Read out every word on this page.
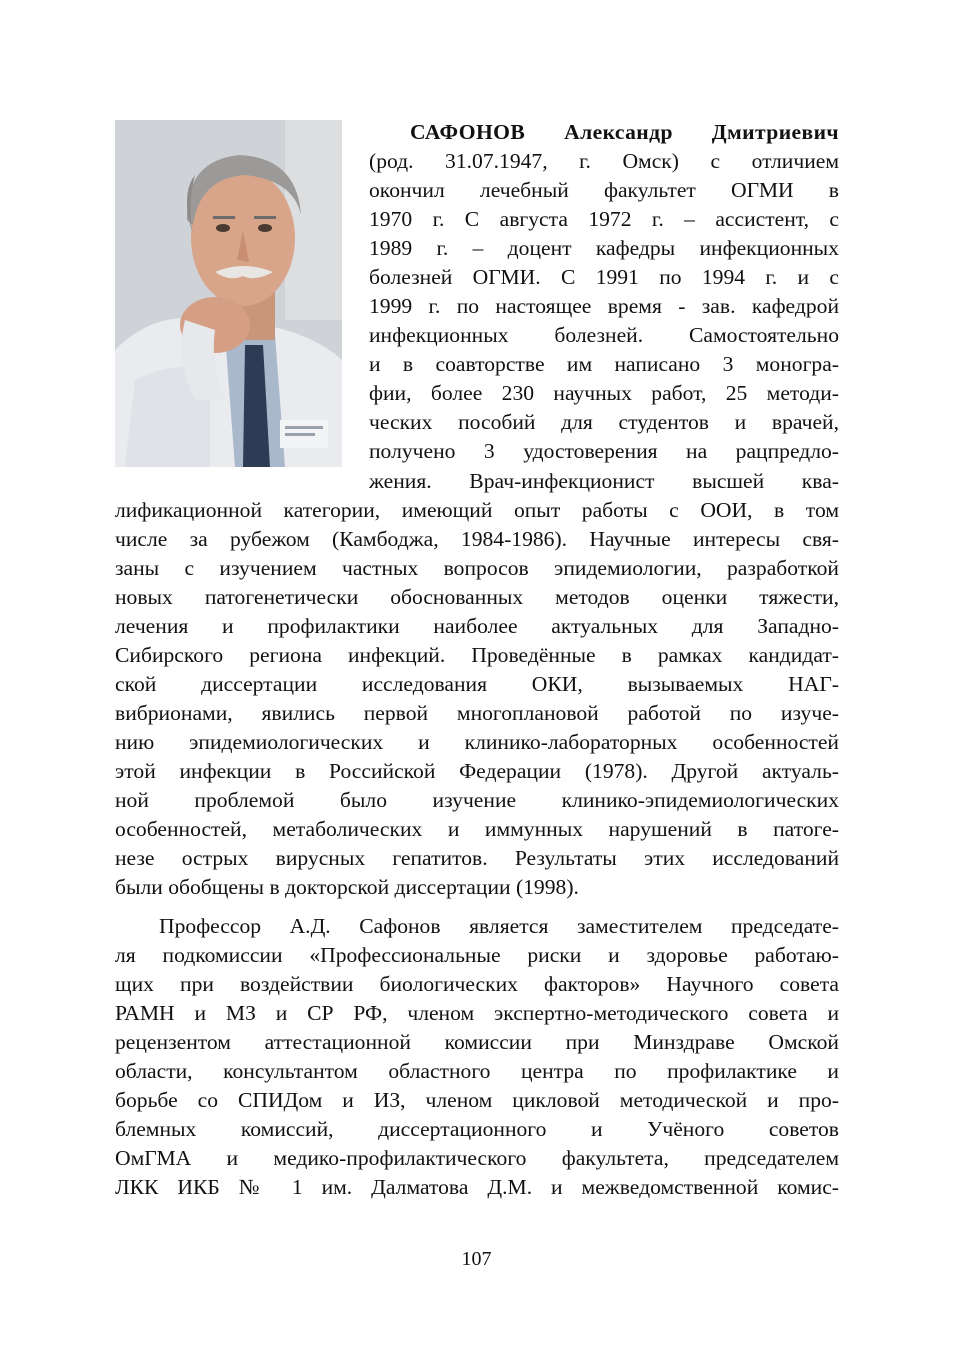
САФОНОВ Александр Дмитриевич
(род. 31.07.1947, г. Омск) с отличием
окончил лечебный факультет ОГМИ в
1970 г. С августа 1972 г. – ассистент, с
1989 г. – доцент кафедры инфекционных
болезней ОГМИ. С 1991 по 1994 г. и с
1999 г. по настоящее время - зав. кафедрой
инфекционных болезней. Самостоятельно
и в соавторстве им написано 3 моногра-
фии, более 230 научных работ, 25 методи-
ческих пособий для студентов и врачей,
получено 3 удостоверения на рацпредло-
жения. Врач-инфекционист высшей ква-
лификационной категории, имеющий опыт работы с ООИ, в том
числе за рубежом (Камбоджа, 1984-1986). Научные интересы свя-
заны с изучением частных вопросов эпидемиологии, разработкой
новых патогенетически обоснованных методов оценки тяжести,
лечения и профилактики наиболее актуальных для Западно-
Сибирского региона инфекций. Проведённые в рамках кандидат-
ской диссертации исследования ОКИ, вызываемых НАГ-
вибрионами, явились первой многоплановой работой по изуче-
нию эпидемиологических и клинико-лабораторных особенностей
этой инфекции в Российской Федерации (1978). Другой актуаль-
ной проблемой было изучение клинико-эпидемиологических
особенностей, метаболических и иммунных нарушений в патоге-
незе острых вирусных гепатитов. Результаты этих исследований
были обобщены в докторской диссертации (1998).
Профессор А.Д. Сафонов является заместителем председате-
ля подкомиссии «Профессиональные риски и здоровье работаю-
щих при воздействии биологических факторов» Научного совета
РАМН и МЗ и СР РФ, членом экспертно-методического совета и
рецензентом аттестационной комиссии при Минздраве Омской
области, консультантом областного центра по профилактике и
борьбе со СПИДом и ИЗ, членом цикловой методической и про-
блемных комиссий, диссертационного и Учёного советов
ОмГМА и медико-профилактического факультета, председателем
ЛКК ИКБ № 1 им. Далматова Д.М. и межведомственной комис-
107
